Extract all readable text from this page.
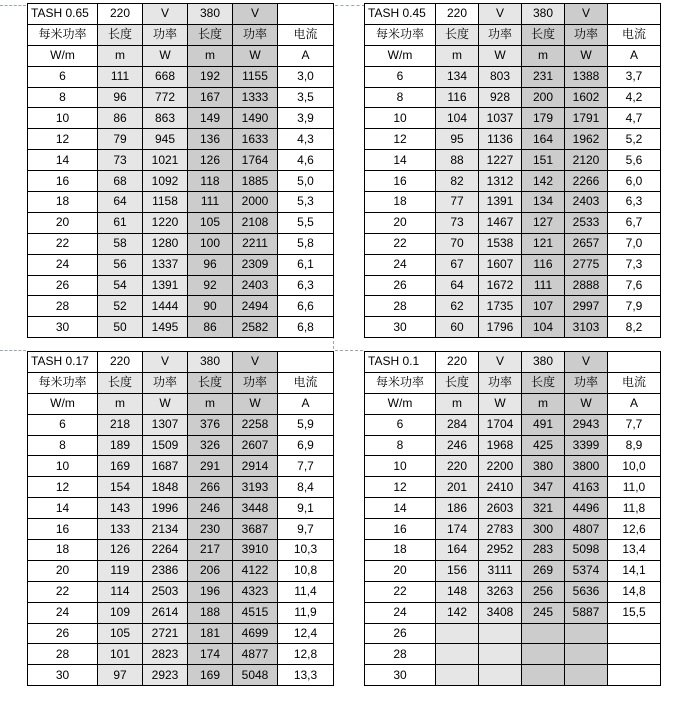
TASH 0.65	220	V	380	V	
每米功率	长度	功率	长度	功率	电流
W/m	m	W	m	W	A
6	111	668	192	1155	3,0
8	96	772	167	1333	3,5
10	86	863	149	1490	3,9
12	79	945	136	1633	4,3
14	73	1021	126	1764	4,6
16	68	1092	118	1885	5,0
18	64	1158	111	2000	5,3
20	61	1220	105	2108	5,5
22	58	1280	100	2211	5,8
24	56	1337	96	2309	6,1
26	54	1391	92	2403	6,3
28	52	1444	90	2494	6,6
30	50	1495	86	2582	6,8
TASH 0.45	220	V	380	V	
每米功率	长度	功率	长度	功率	电流
W/m	m	W	m	W	A
6	134	803	231	1388	3,7
8	116	928	200	1602	4,2
10	104	1037	179	1791	4,7
12	95	1136	164	1962	5,2
14	88	1227	151	2120	5,6
16	82	1312	142	2266	6,0
18	77	1391	134	2403	6,3
20	73	1467	127	2533	6,7
22	70	1538	121	2657	7,0
24	67	1607	116	2775	7,3
26	64	1672	111	2888	7,6
28	62	1735	107	2997	7,9
30	60	1796	104	3103	8,2
TASH 0.17	220	V	380	V	
每米功率	长度	功率	长度	功率	电流
W/m	m	W	m	W	A
6	218	1307	376	2258	5,9
8	189	1509	326	2607	6,9
10	169	1687	291	2914	7,7
12	154	1848	266	3193	8,4
14	143	1996	246	3448	9,1
16	133	2134	230	3687	9,7
18	126	2264	217	3910	10,3
20	119	2386	206	4122	10,8
22	114	2503	196	4323	11,4
24	109	2614	188	4515	11,9
26	105	2721	181	4699	12,4
28	101	2823	174	4877	12,8
30	97	2923	169	5048	13,3
TASH 0.1	220	V	380	V	
每米功率	长度	功率	长度	功率	电流
W/m	m	W	m	W	A
6	284	1704	491	2943	7,7
8	246	1968	425	3399	8,9
10	220	2200	380	3800	10,0
12	201	2410	347	4163	11,0
14	186	2603	321	4496	11,8
16	174	2783	300	4807	12,6
18	164	2952	283	5098	13,4
20	156	3111	269	5374	14,1
22	148	3263	256	5636	14,8
24	142	3408	245	5887	15,5
26					
28					
30					
